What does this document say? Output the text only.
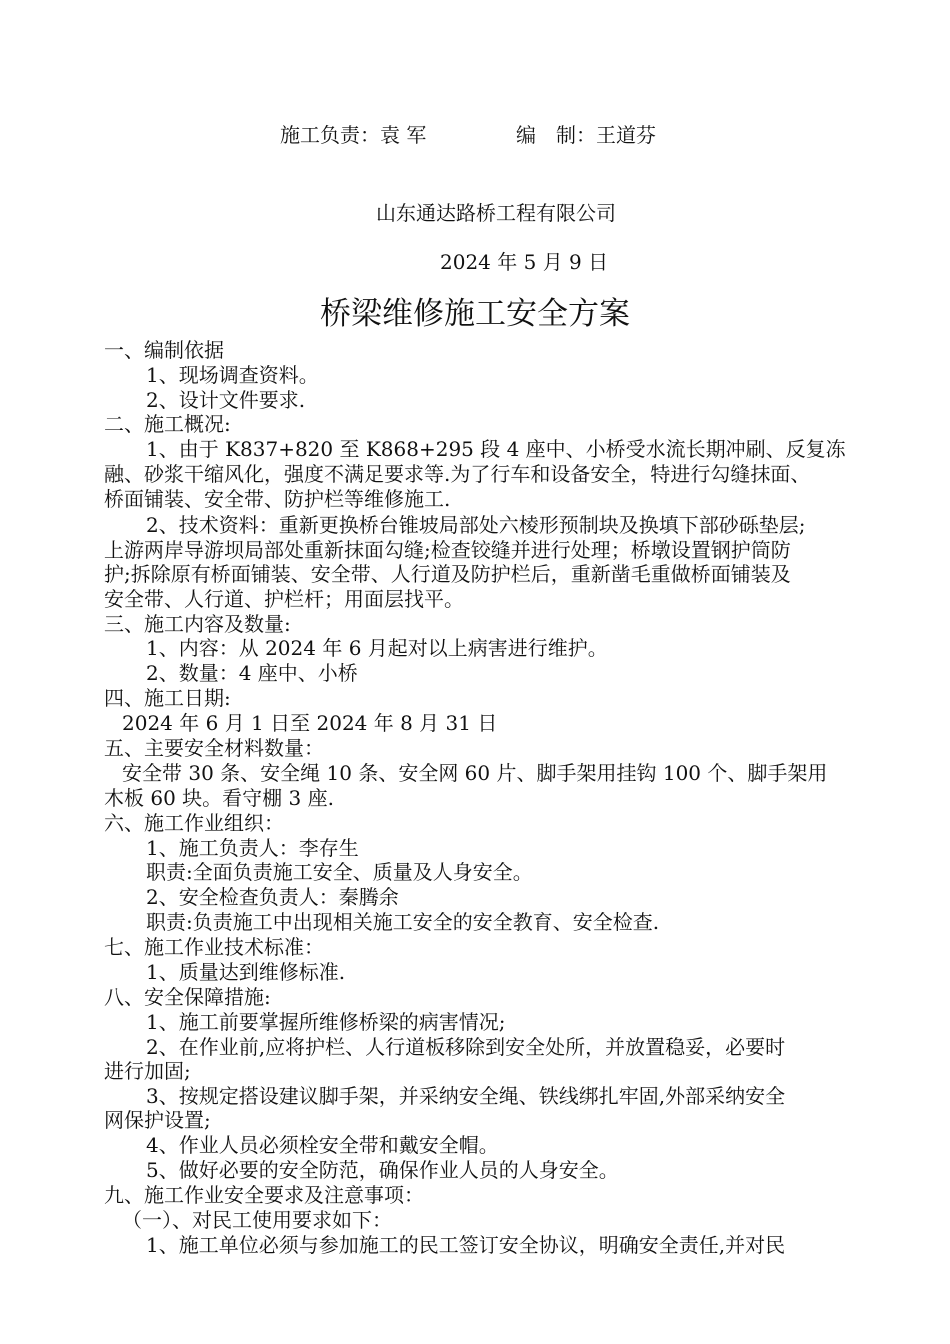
施工负责：袁 军	编　制：王道芬
山东通达路桥工程有限公司
2024 年 5 月 9 日
桥梁维修施工安全方案
一、编制依据
1、现场调查资料。
2、设计文件要求.
二、施工概况:
1、由于 K837+820 至 K868+295 段 4 座中、小桥受水流长期冲刷、反复冻
融、砂浆干缩风化，强度不满足要求等.为了行车和设备安全，特进行勾缝抹面、
桥面铺装、安全带、防护栏等维修施工.
2、技术资料：重新更换桥台锥坡局部处六棱形预制块及换填下部砂砾垫层;
上游两岸导游坝局部处重新抹面勾缝;检查铰缝并进行处理；桥墩设置钢护筒防
护;拆除原有桥面铺装、安全带、人行道及防护栏后，重新凿毛重做桥面铺装及
安全带、人行道、护栏杆；用面层找平。
三、施工内容及数量:
1、内容：从 2024 年 6 月起对以上病害进行维护。
2、数量：4 座中、小桥
四、施工日期:
2024 年 6 月 1 日至 2024 年 8 月 31 日
五、主要安全材料数量：
安全带 30 条、安全绳 10 条、安全网 60 片、脚手架用挂钩 100 个、脚手架用
木板 60 块。看守棚 3 座.
六、施工作业组织：
1、施工负责人：李存生
职责:全面负责施工安全、质量及人身安全。
2、安全检查负责人：秦腾余
职责:负责施工中出现相关施工安全的安全教育、安全检查.
七、施工作业技术标准：
1、质量达到维修标准.
八、安全保障措施:
1、施工前要掌握所维修桥梁的病害情况;
2、在作业前,应将护栏、人行道板移除到安全处所，并放置稳妥，必要时
进行加固;
3、按规定搭设建议脚手架，并采纳安全绳、铁线绑扎牢固,外部采纳安全
网保护设置;
4、作业人员必须栓安全带和戴安全帽。
5、做好必要的安全防范，确保作业人员的人身安全。
九、施工作业安全要求及注意事项：
（一）、对民工使用要求如下：
1、施工单位必须与参加施工的民工签订安全协议，明确安全责任,并对民
